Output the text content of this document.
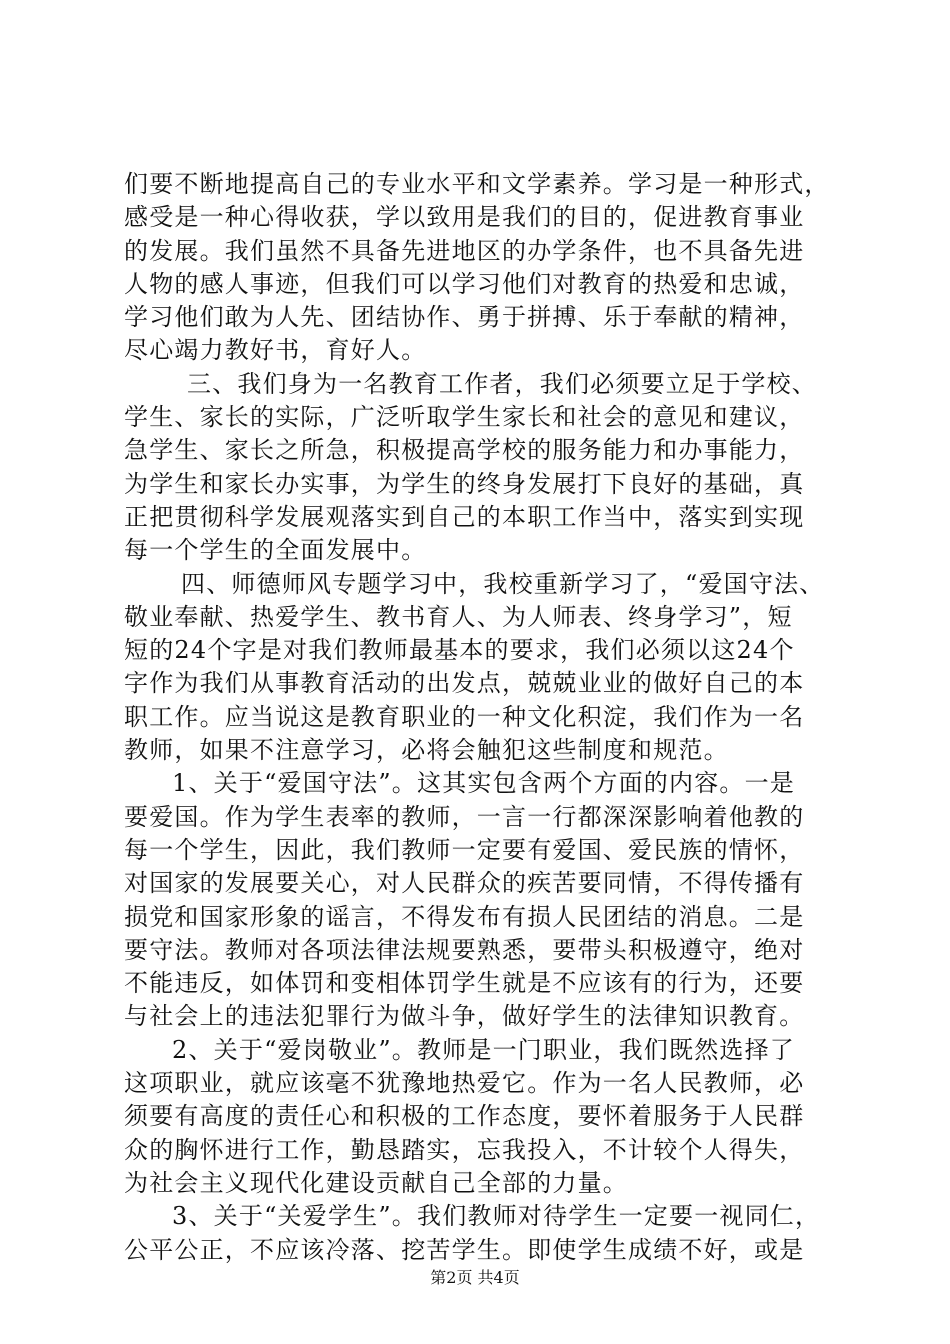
们要不断地提高自己的专业水平和文学素养。学习是一种形式，
感受是一种心得收获，学以致用是我们的目的，促进教育事业
的发展。我们虽然不具备先进地区的办学条件，也不具备先进
人物的感人事迹，但我们可以学习他们对教育的热爱和忠诚，
学习他们敢为人先、团结协作、勇于拼搏、乐于奉献的精神，
尽心竭力教好书，育好人。
三、我们身为一名教育工作者，我们必须要立足于学校、
学生、家长的实际，广泛听取学生家长和社会的意见和建议，
急学生、家长之所急，积极提高学校的服务能力和办事能力，
为学生和家长办实事，为学生的终身发展打下良好的基础，真
正把贯彻科学发展观落实到自己的本职工作当中，落实到实现
每一个学生的全面发展中。
四、师德师风专题学习中，我校重新学习了，“爱国守法、
敬业奉献、热爱学生、教书育人、为人师表、终身学习”，短
短的24个字是对我们教师最基本的要求，我们必须以这24个
字作为我们从事教育活动的出发点，兢兢业业的做好自己的本
职工作。应当说这是教育职业的一种文化积淀，我们作为一名
教师，如果不注意学习，必将会触犯这些制度和规范。
1、关于“爱国守法”。这其实包含两个方面的内容。一是
要爱国。作为学生表率的教师，一言一行都深深影响着他教的
每一个学生，因此，我们教师一定要有爱国、爱民族的情怀，
对国家的发展要关心，对人民群众的疾苦要同情，不得传播有
损党和国家形象的谣言，不得发布有损人民团结的消息。二是
要守法。教师对各项法律法规要熟悉，要带头积极遵守，绝对
不能违反，如体罚和变相体罚学生就是不应该有的行为，还要
与社会上的违法犯罪行为做斗争，做好学生的法律知识教育。
2、关于“爱岗敬业”。教师是一门职业，我们既然选择了
这项职业，就应该毫不犹豫地热爱它。作为一名人民教师，必
须要有高度的责任心和积极的工作态度，要怀着服务于人民群
众的胸怀进行工作，勤恳踏实，忘我投入，不计较个人得失，
为社会主义现代化建设贡献自己全部的力量。
3、关于“关爱学生”。我们教师对待学生一定要一视同仁，
公平公正，不应该冷落、挖苦学生。即使学生成绩不好，或是
第2页 共4页
